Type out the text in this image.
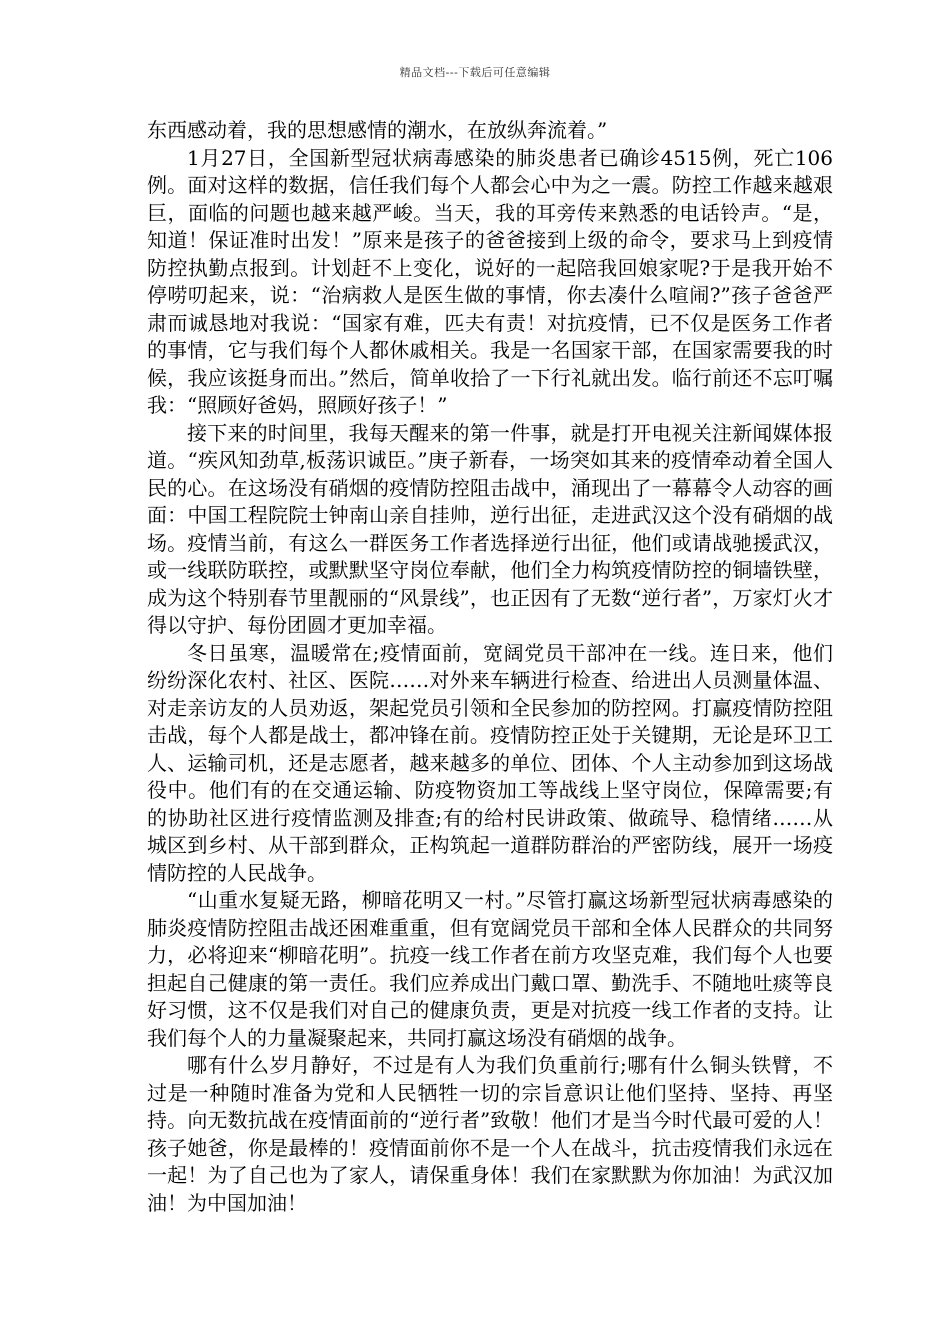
精品文档---下载后可任意编辑

东西感动着，我的思想感情的潮水，在放纵奔流着。”

1月27日，全国新型冠状病毒感染的肺炎患者已确诊4515例，死亡106例。面对这样的数据，信任我们每个人都会心中为之一震。防控工作越来越艰巨，面临的问题也越来越严峻。当天，我的耳旁传来熟悉的电话铃声。“是，知道！保证准时出发！”原来是孩子的爸爸接到上级的命令，要求马上到疫情防控执勤点报到。计划赶不上变化，说好的一起陪我回娘家呢?于是我开始不停唠叨起来，说：“治病救人是医生做的事情，你去凑什么喧闹?”孩子爸爸严肃而诚恳地对我说：“国家有难，匹夫有责！对抗疫情，已不仅是医务工作者的事情，它与我们每个人都休戚相关。我是一名国家干部，在国家需要我的时候，我应该挺身而出。”然后，简单收拾了一下行礼就出发。临行前还不忘叮嘱我：“照顾好爸妈，照顾好孩子！”

接下来的时间里，我每天醒来的第一件事，就是打开电视关注新闻媒体报道。“疾风知劲草,板荡识诚臣。”庚子新春，一场突如其来的疫情牵动着全国人民的心。在这场没有硝烟的疫情防控阻击战中，涌现出了一幕幕令人动容的画面：中国工程院院士钟南山亲自挂帅，逆行出征，走进武汉这个没有硝烟的战场。疫情当前，有这么一群医务工作者选择逆行出征，他们或请战驰援武汉，或一线联防联控，或默默坚守岗位奉献，他们全力构筑疫情防控的铜墙铁壁，成为这个特别春节里靓丽的“风景线”，也正因有了无数“逆行者”，万家灯火才得以守护、每份团圆才更加幸福。

冬日虽寒，温暖常在;疫情面前，宽阔党员干部冲在一线。连日来，他们纷纷深化农村、社区、医院……对外来车辆进行检查、给进出人员测量体温、对走亲访友的人员劝返，架起党员引领和全民参加的防控网。打赢疫情防控阻击战，每个人都是战士，都冲锋在前。疫情防控正处于关键期，无论是环卫工人、运输司机，还是志愿者，越来越多的单位、团体、个人主动参加到这场战役中。他们有的在交通运输、防疫物资加工等战线上坚守岗位，保障需要;有的协助社区进行疫情监测及排查;有的给村民讲政策、做疏导、稳情绪……从城区到乡村、从干部到群众，正构筑起一道群防群治的严密防线，展开一场疫情防控的人民战争。

“山重水复疑无路，柳暗花明又一村。”尽管打赢这场新型冠状病毒感染的肺炎疫情防控阻击战还困难重重，但有宽阔党员干部和全体人民群众的共同努力，必将迎来“柳暗花明”。抗疫一线工作者在前方攻坚克难，我们每个人也要担起自己健康的第一责任。我们应养成出门戴口罩、勤洗手、不随地吐痰等良好习惯，这不仅是我们对自己的健康负责，更是对抗疫一线工作者的支持。让我们每个人的力量凝聚起来，共同打赢这场没有硝烟的战争。

哪有什么岁月静好，不过是有人为我们负重前行;哪有什么铜头铁臂，不过是一种随时准备为党和人民牺牲一切的宗旨意识让他们坚持、坚持、再坚持。向无数抗战在疫情面前的“逆行者”致敬！他们才是当今时代最可爱的人！孩子她爸，你是最棒的！疫情面前你不是一个人在战斗，抗击疫情我们永远在一起！为了自己也为了家人，请保重身体！我们在家默默为你加油！为武汉加油！为中国加油！
